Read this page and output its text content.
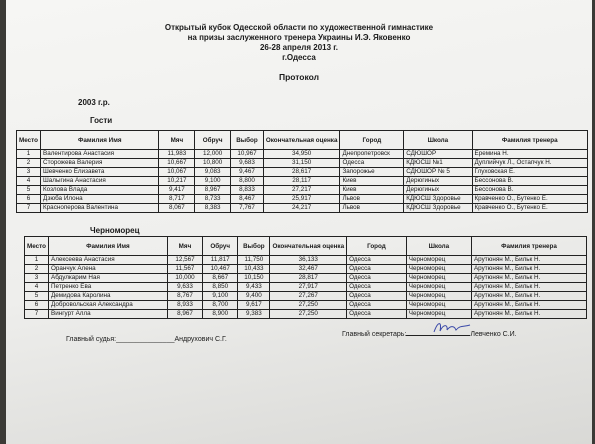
Открытый кубок Одесской области по художественной гимнастике
на призы заслуженного тренера Украины И.Э. Яковенко
26-28 апреля 2013 г.
г.Одесса
Протокол
2003 г.р.
Гости
Место	Фамилия Имя	Мяч	Обруч	Выбор	Окончательная оценка	Город	Школа	Фамилия тренера
1	Валентирова Анастасия	11,983	12,000	10,967	34,950	Днепропетровск	СДЮШОР	Еремина Н.
2	Сторожева Валерия	10,667	10,800	9,683	31,150	Одесса	КДЮСШ №1	Дуплийчук Л., Остапчук Н.
3	Шевченко Елизавета	10,067	9,083	9,467	28,617	Запорожье	СДЮШОР № 5	Глуховская Е.
4	Шалыгина Анастасия	10,217	9,100	8,800	28,117	Киев	Дерюгиных	Бессонова В.
5	Козлова Влада	9,417	8,967	8,833	27,217	Киев	Дерюгиных	Бессонова В.
6	Дзюба Илона	8,717	8,733	8,467	25,917	Львов	КДЮСШ Здоровье	Кравченко О., Бутенко Е.
7	Красноперова Валентина	8,067	8,383	7,767	24,217	Львов	КДЮСШ Здоровье	Кравченко О., Бутенко Е.
Черноморец
Место	Фамилия Имя	Мяч	Обруч	Выбор	Окончательная оценка	Город	Школа	Фамилия тренера
1	Алексеева Анастасия	12,567	11,817	11,750	36,133	Одесса	Черноморец	Арутюнян М., Бильк Н.
2	Оранчук Алена	11,567	10,467	10,433	32,467	Одесса	Черноморец	Арутюнян М., Бильк Н.
3	Абдулкарим Ная	10,000	8,667	10,150	28,817	Одесса	Черноморец	Арутюнян М., Бильк Н.
4	Петренко Ева	9,633	8,850	9,433	27,917	Одесса	Черноморец	Арутюнян М., Бильк Н.
5	Демидова Каролина	8,767	9,100	9,400	27,267	Одесса	Черноморец	Арутюнян М., Бильк Н.
6	Добровольская Александра	8,933	8,700	9,617	27,250	Одесса	Черноморец	Арутюнян М., Бильк Н.
7	Вингурт Алла	8,967	8,900	9,383	27,250	Одесса	Черноморец	Арутюнян М., Бильк Н.
Главный судья:_______________Андрухович С.Г.
Главный секретарь:	Левченко С.И.
